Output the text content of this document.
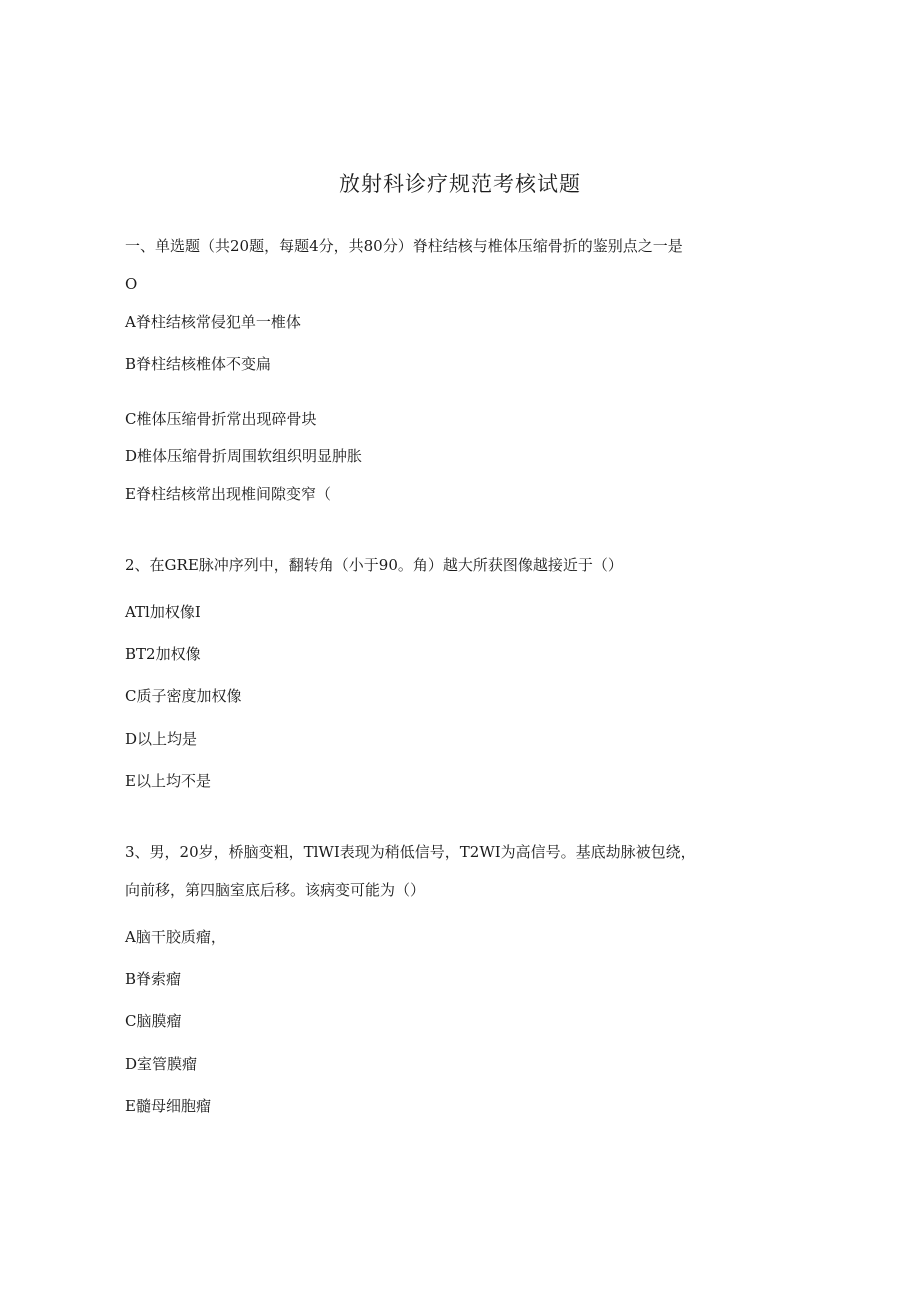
放射科诊疗规范考核试题
一、单选题（共20题，每题4分，共80分）脊柱结核与椎体压缩骨折的鉴别点之一是
O
A脊柱结核常侵犯单一椎体
B脊柱结核椎体不变扁
C椎体压缩骨折常出现碎骨块
D椎体压缩骨折周围软组织明显肿胀
E脊柱结核常出现椎间隙变窄（
2、在GRE脉冲序列中，翻转角（小于90。角）越大所获图像越接近于（）
ATl加权像I
BT2加权像
C质子密度加权像
D以上均是
E以上均不是
3、男，20岁，桥脑变粗，TlWI表现为稍低信号，T2WI为高信号。基底劫脉被包绕，
向前移，第四脑室底后移。该病变可能为（）
A脑干胶质瘤，
B脊索瘤
C脑膜瘤
D室管膜瘤
E髓母细胞瘤
